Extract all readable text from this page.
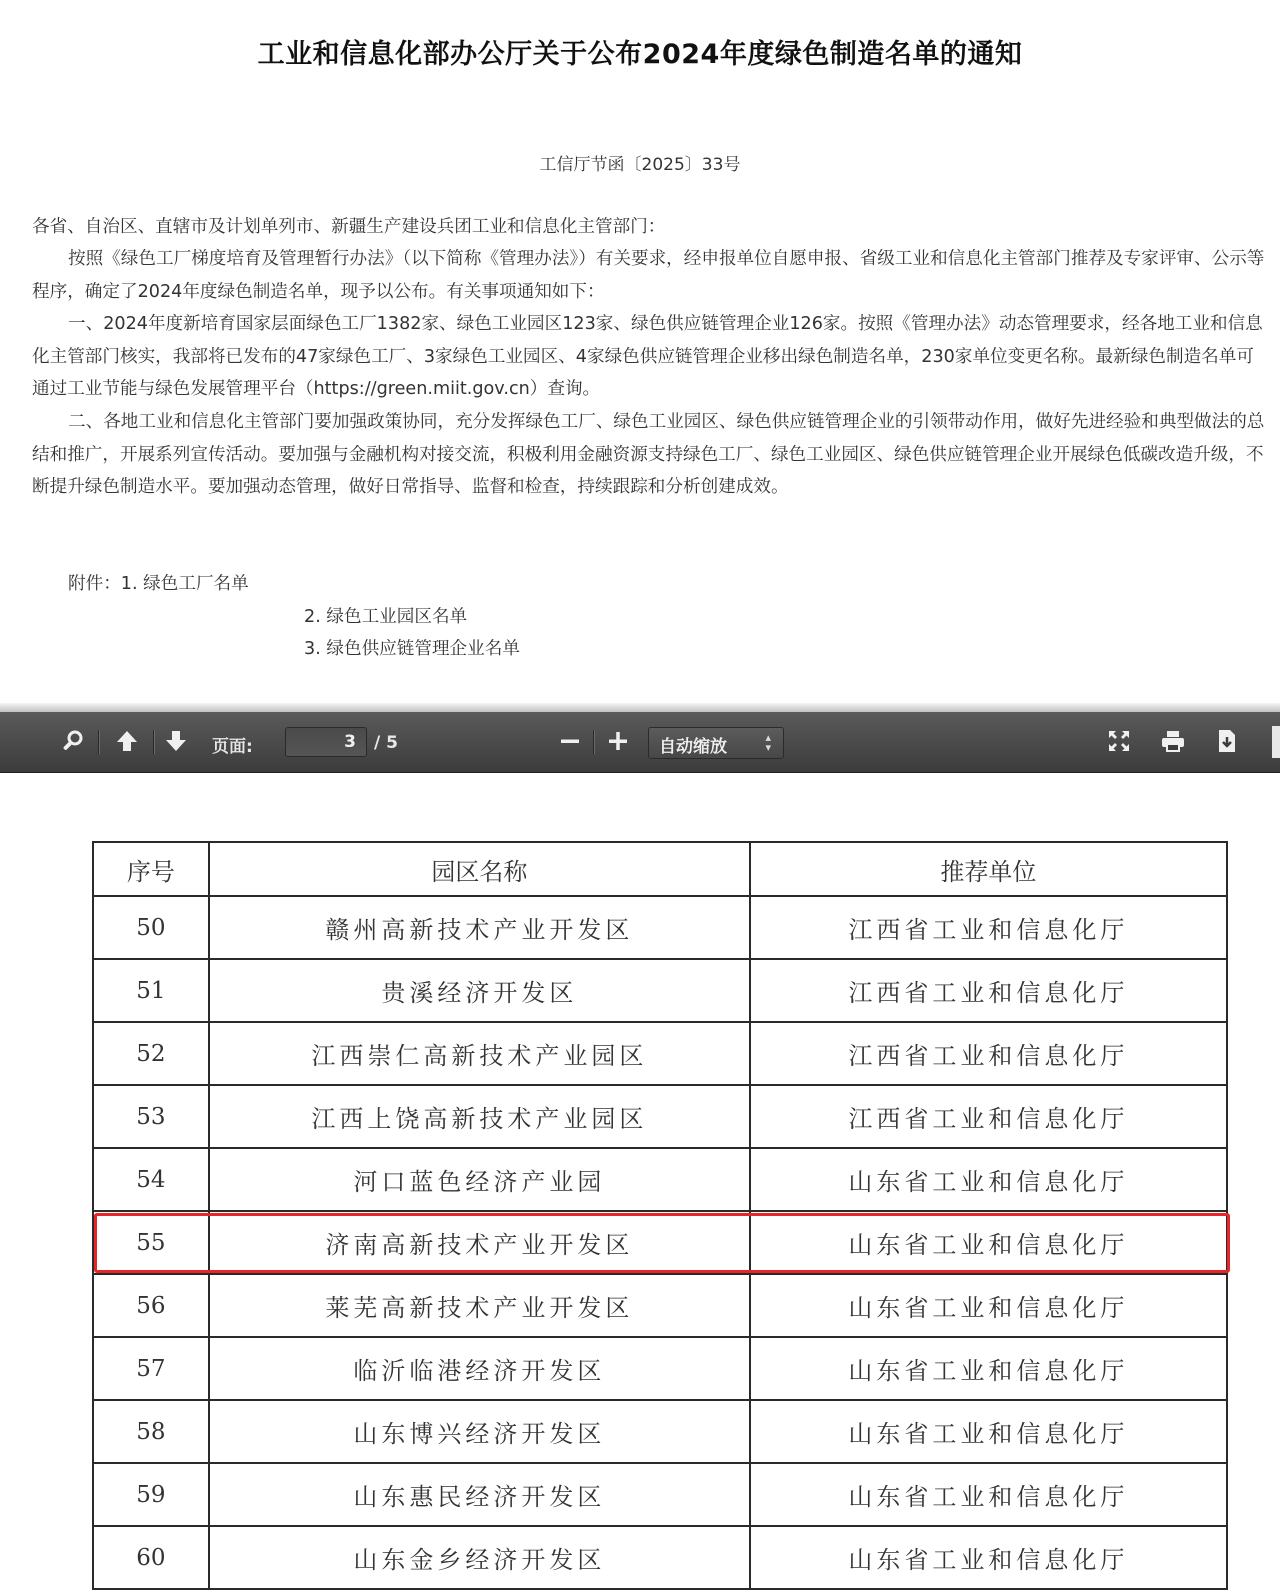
工业和信息化部办公厅关于公布2024年度绿色制造名单的通知
工信厅节函〔2025〕33号

各省、自治区、直辖市及计划单列市、新疆生产建设兵团工业和信息化主管部门：

按照《绿色工厂梯度培育及管理暂行办法》（以下简称《管理办法》）有关要求，经申报单位自愿申报、省级工业和信息化主管部门推荐及专家评审、公示等程序，确定了2024年度绿色制造名单，现予以公布。有关事项通知如下：

一、2024年度新培育国家层面绿色工厂1382家、绿色工业园区123家、绿色供应链管理企业126家。按照《管理办法》动态管理要求，经各地工业和信息化主管部门核实，我部将已发布的47家绿色工厂、3家绿色工业园区、4家绿色供应链管理企业移出绿色制造名单，230家单位变更名称。最新绿色制造名单可通过工业节能与绿色发展管理平台（https://green.miit.gov.cn）查询。

二、各地工业和信息化主管部门要加强政策协同，充分发挥绿色工厂、绿色工业园区、绿色供应链管理企业的引领带动作用，做好先进经验和典型做法的总结和推广，开展系列宣传活动。要加强与金融机构对接交流，积极利用金融资源支持绿色工厂、绿色工业园区、绿色供应链管理企业开展绿色低碳改造升级，不断提升绿色制造水平。要加强动态管理，做好日常指导、监督和检查，持续跟踪和分析创建成效。

附件：1. 绿色工厂名单
2. 绿色工业园区名单
3. 绿色供应链管理企业名单
页面:
3	/ 5	自动缩放	▴
▾
序号	园区名称	推荐单位
50	赣州高新技术产业开发区	江西省工业和信息化厅
51	贵溪经济开发区	江西省工业和信息化厅
52	江西崇仁高新技术产业园区	江西省工业和信息化厅
53	江西上饶高新技术产业园区	江西省工业和信息化厅
54	河口蓝色经济产业园	山东省工业和信息化厅
55	济南高新技术产业开发区	山东省工业和信息化厅
56	莱芜高新技术产业开发区	山东省工业和信息化厅
57	临沂临港经济开发区	山东省工业和信息化厅
58	山东博兴经济开发区	山东省工业和信息化厅
59	山东惠民经济开发区	山东省工业和信息化厅
60	山东金乡经济开发区	山东省工业和信息化厅
